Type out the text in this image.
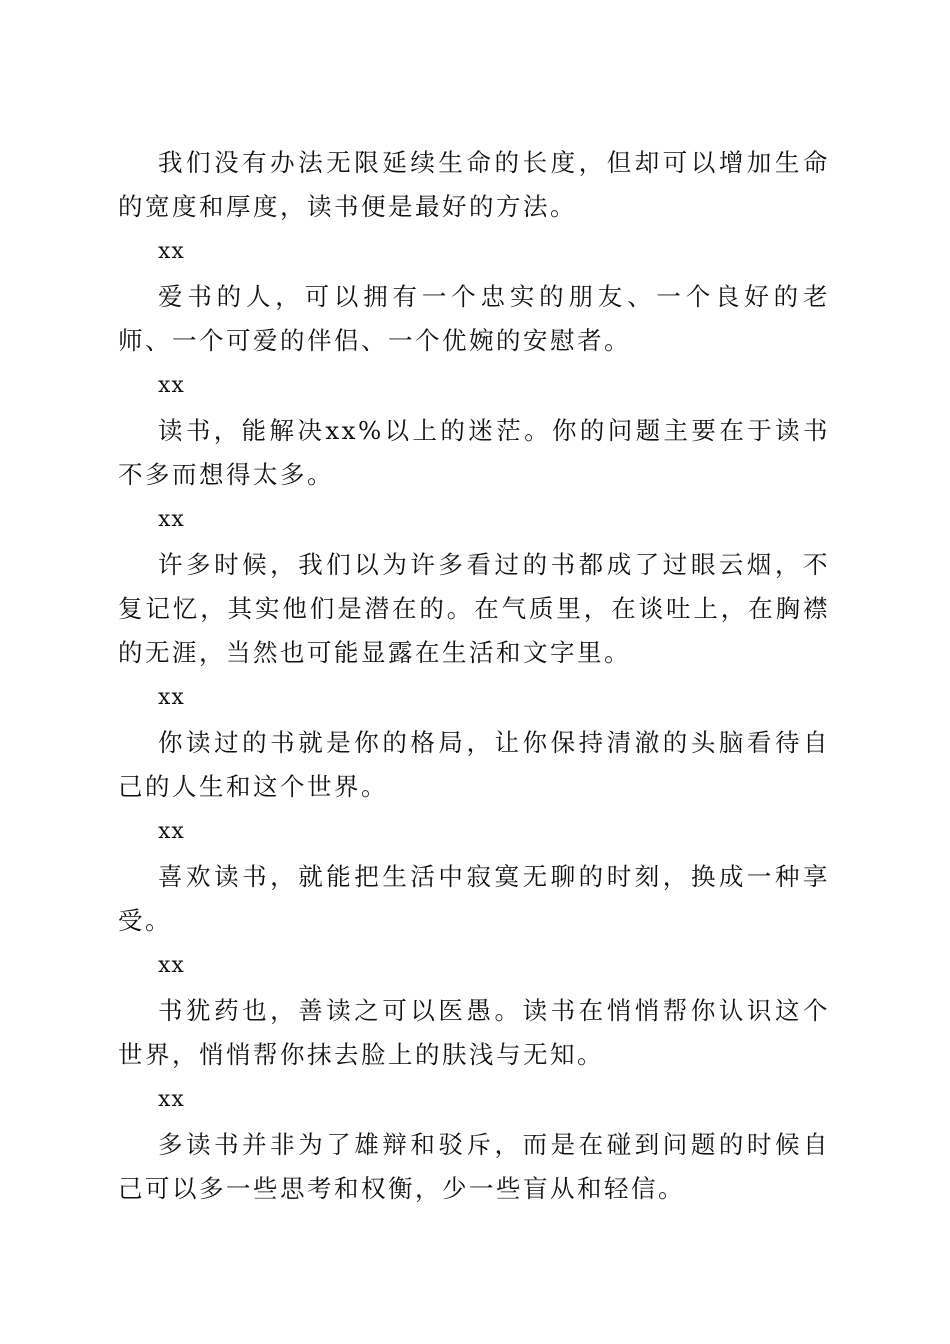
我们没有办法无限延续生命的长度，但却可以增加生命的宽度和厚度，读书便是最好的方法。

xx

爱书的人，可以拥有一个忠实的朋友、一个良好的老师、一个可爱的伴侣、一个优婉的安慰者。

xx

读书，能解决xx%以上的迷茫。你的问题主要在于读书不多而想得太多。

xx

许多时候，我们以为许多看过的书都成了过眼云烟，不复记忆，其实他们是潜在的。在气质里，在谈吐上，在胸襟的无涯，当然也可能显露在生活和文字里。

xx

你读过的书就是你的格局，让你保持清澈的头脑看待自己的人生和这个世界。

xx

喜欢读书，就能把生活中寂寞无聊的时刻，换成一种享受。

xx

书犹药也，善读之可以医愚。读书在悄悄帮你认识这个世界，悄悄帮你抹去脸上的肤浅与无知。

xx

多读书并非为了雄辩和驳斥，而是在碰到问题的时候自己可以多一些思考和权衡，少一些盲从和轻信。
